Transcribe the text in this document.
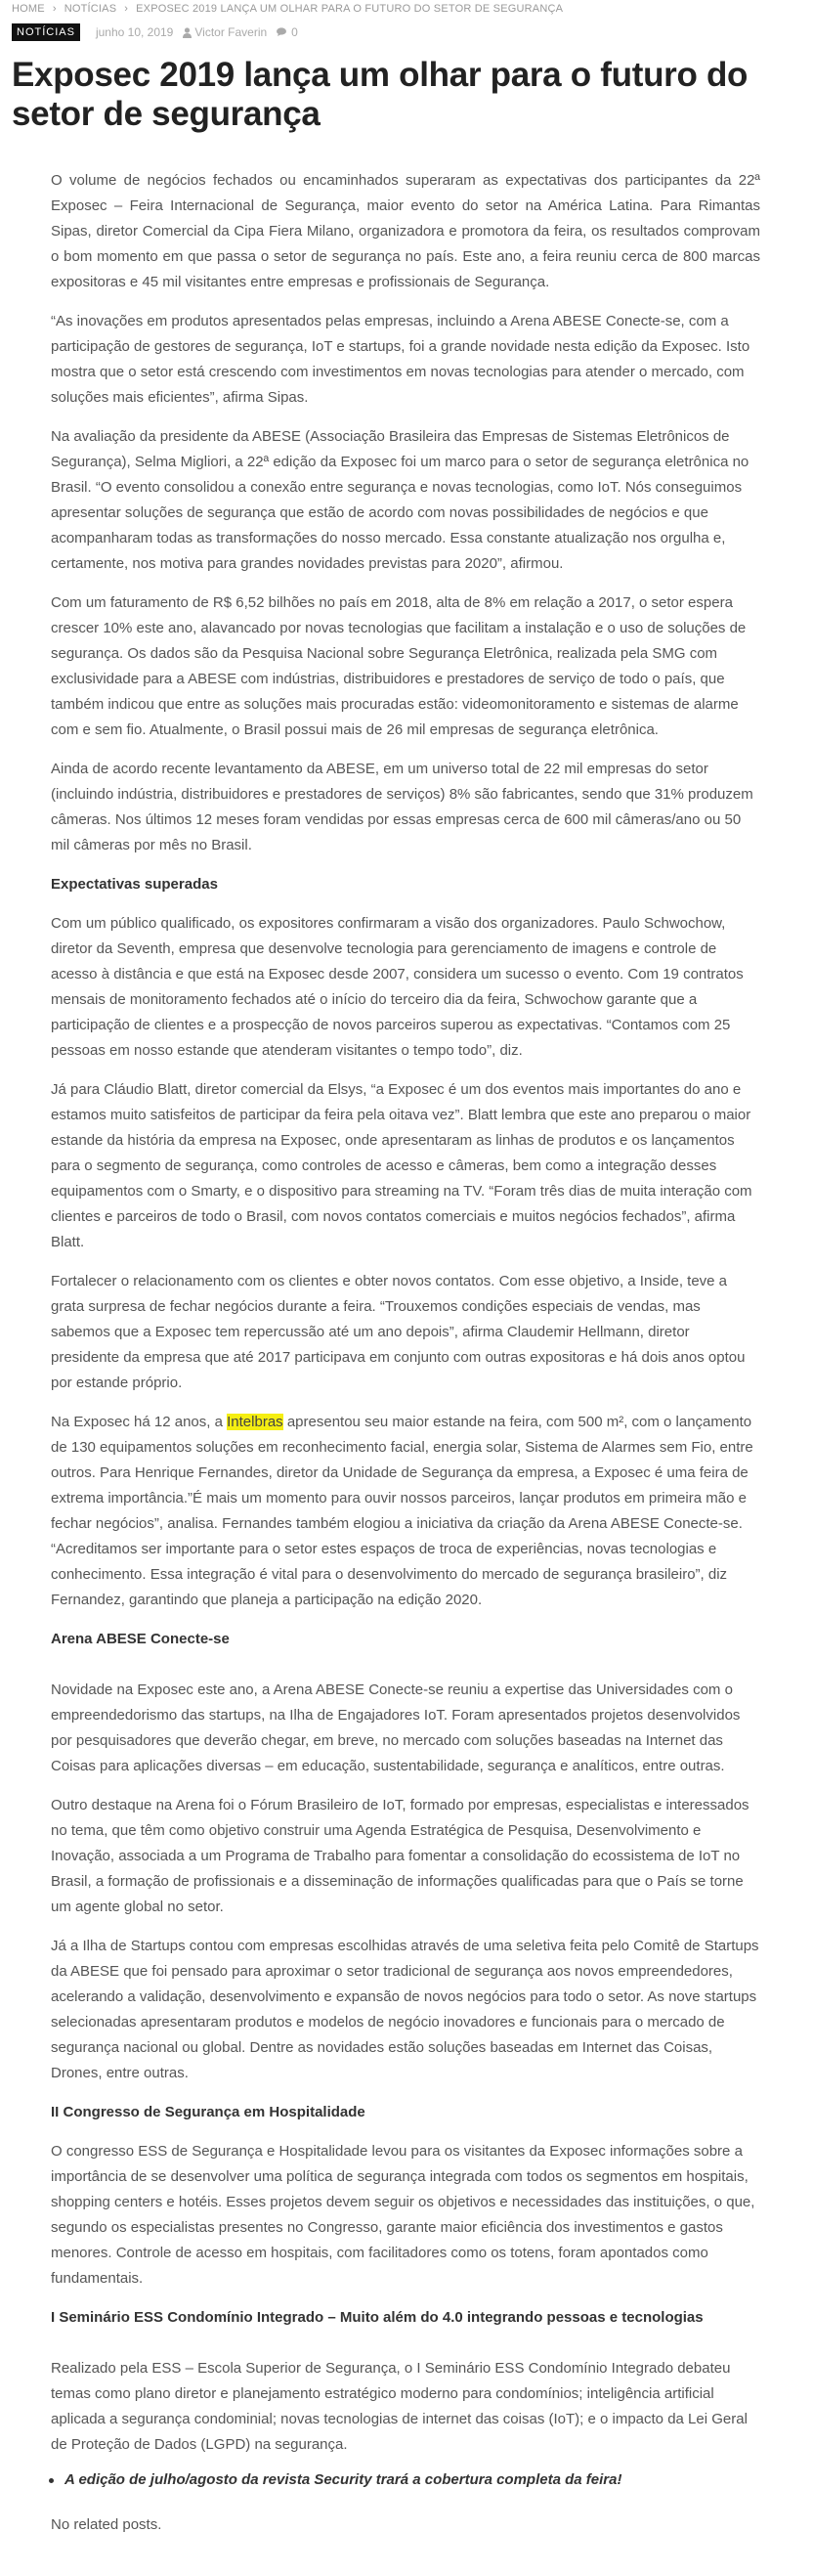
HOME › NOTÍCIAS › EXPOSEC 2019 LANÇA UM OLHAR PARA O FUTURO DO SETOR DE SEGURANÇA
NOTÍCIAS	junho 10, 2019 Victor Faverin 0
Exposec 2019 lança um olhar para o futuro do setor de segurança

O volume de negócios fechados ou encaminhados superaram as expectativas dos participantes da 22ª Exposec – Feira Internacional de Segurança, maior evento do setor na América Latina. Para Rimantas Sipas, diretor Comercial da Cipa Fiera Milano, organizadora e promotora da feira, os resultados comprovam o bom momento em que passa o setor de segurança no país. Este ano, a feira reuniu cerca de 800 marcas expositoras e 45 mil visitantes entre empresas e profissionais de Segurança.

“As inovações em produtos apresentados pelas empresas, incluindo a Arena ABESE Conecte-se, com a participação de gestores de segurança, IoT e startups, foi a grande novidade nesta edição da Exposec. Isto mostra que o setor está crescendo com investimentos em novas tecnologias para atender o mercado, com soluções mais eficientes”, afirma Sipas.

Na avaliação da presidente da ABESE (Associação Brasileira das Empresas de Sistemas Eletrônicos de Segurança), Selma Migliori, a 22ª edição da Exposec foi um marco para o setor de segurança eletrônica no Brasil. “O evento consolidou a conexão entre segurança e novas tecnologias, como IoT. Nós conseguimos apresentar soluções de segurança que estão de acordo com novas possibilidades de negócios e que acompanharam todas as transformações do nosso mercado. Essa constante atualização nos orgulha e, certamente, nos motiva para grandes novidades previstas para 2020”, afirmou.

Com um faturamento de R$ 6,52 bilhões no país em 2018, alta de 8% em relação a 2017, o setor espera crescer 10% este ano, alavancado por novas tecnologias que facilitam a instalação e o uso de soluções de segurança. Os dados são da Pesquisa Nacional sobre Segurança Eletrônica, realizada pela SMG com exclusividade para a ABESE com indústrias, distribuidores e prestadores de serviço de todo o país, que também indicou que entre as soluções mais procuradas estão: videomonitoramento e sistemas de alarme com e sem fio. Atualmente, o Brasil possui mais de 26 mil empresas de segurança eletrônica.

Ainda de acordo recente levantamento da ABESE, em um universo total de 22 mil empresas do setor (incluindo indústria, distribuidores e prestadores de serviços) 8% são fabricantes, sendo que 31% produzem câmeras. Nos últimos 12 meses foram vendidas por essas empresas cerca de 600 mil câmeras/ano ou 50 mil câmeras por mês no Brasil.

Expectativas superadas

Com um público qualificado, os expositores confirmaram a visão dos organizadores. Paulo Schwochow, diretor da Seventh, empresa que desenvolve tecnologia para gerenciamento de imagens e controle de acesso à distância e que está na Exposec desde 2007, considera um sucesso o evento. Com 19 contratos mensais de monitoramento fechados até o início do terceiro dia da feira, Schwochow garante que a participação de clientes e a prospecção de novos parceiros superou as expectativas. “Contamos com 25 pessoas em nosso estande que atenderam visitantes o tempo todo”, diz.

Já para Cláudio Blatt, diretor comercial da Elsys, “a Exposec é um dos eventos mais importantes do ano e estamos muito satisfeitos de participar da feira pela oitava vez”. Blatt lembra que este ano preparou o maior estande da história da empresa na Exposec, onde apresentaram as linhas de produtos e os lançamentos para o segmento de segurança, como controles de acesso e câmeras, bem como a integração desses equipamentos com o Smarty, e o dispositivo para streaming na TV. “Foram três dias de muita interação com clientes e parceiros de todo o Brasil, com novos contatos comerciais e muitos negócios fechados”, afirma Blatt.

Fortalecer o relacionamento com os clientes e obter novos contatos. Com esse objetivo, a Inside, teve a grata surpresa de fechar negócios durante a feira. “Trouxemos condições especiais de vendas, mas sabemos que a Exposec tem repercussão até um ano depois”, afirma Claudemir Hellmann, diretor presidente da empresa que até 2017 participava em conjunto com outras expositoras e há dois anos optou por estande próprio.

Na Exposec há 12 anos, a Intelbras apresentou seu maior estande na feira, com 500 m², com o lançamento de 130 equipamentos soluções em reconhecimento facial, energia solar, Sistema de Alarmes sem Fio, entre outros. Para Henrique Fernandes, diretor da Unidade de Segurança da empresa, a Exposec é uma feira de extrema importância.”É mais um momento para ouvir nossos parceiros, lançar produtos em primeira mão e fechar negócios”, analisa. Fernandes também elogiou a iniciativa da criação da Arena ABESE Conecte-se. “Acreditamos ser importante para o setor estes espaços de troca de experiências, novas tecnologias e conhecimento. Essa integração é vital para o desenvolvimento do mercado de segurança brasileiro”, diz Fernandez, garantindo que planeja a participação na edição 2020.

Arena ABESE Conecte-se

Novidade na Exposec este ano, a Arena ABESE Conecte-se reuniu a expertise das Universidades com o empreendedorismo das startups, na Ilha de Engajadores IoT. Foram apresentados projetos desenvolvidos por pesquisadores que deverão chegar, em breve, no mercado com soluções baseadas na Internet das Coisas para aplicações diversas – em educação, sustentabilidade, segurança e analíticos, entre outras.

Outro destaque na Arena foi o Fórum Brasileiro de IoT, formado por empresas, especialistas e interessados no tema, que têm como objetivo construir uma Agenda Estratégica de Pesquisa, Desenvolvimento e Inovação, associada a um Programa de Trabalho para fomentar a consolidação do ecossistema de IoT no Brasil, a formação de profissionais e a disseminação de informações qualificadas para que o País se torne um agente global no setor.

Já a Ilha de Startups contou com empresas escolhidas através de uma seletiva feita pelo Comitê de Startups da ABESE que foi pensado para aproximar o setor tradicional de segurança aos novos empreendedores, acelerando a validação, desenvolvimento e expansão de novos negócios para todo o setor. As nove startups selecionadas apresentaram produtos e modelos de negócio inovadores e funcionais para o mercado de segurança nacional ou global. Dentre as novidades estão soluções baseadas em Internet das Coisas, Drones, entre outras.

II Congresso de Segurança em Hospitalidade

O congresso ESS de Segurança e Hospitalidade levou para os visitantes da Exposec informações sobre a importância de se desenvolver uma política de segurança integrada com todos os segmentos em hospitais, shopping centers e hotéis. Esses projetos devem seguir os objetivos e necessidades das instituições, o que, segundo os especialistas presentes no Congresso, garante maior eficiência dos investimentos e gastos menores. Controle de acesso em hospitais, com facilitadores como os totens, foram apontados como fundamentais.

I Seminário ESS Condomínio Integrado – Muito além do 4.0 integrando pessoas e tecnologias

Realizado pela ESS – Escola Superior de Segurança, o I Seminário ESS Condomínio Integrado debateu temas como plano diretor e planejamento estratégico moderno para condomínios; inteligência artificial aplicada a segurança condominial; novas tecnologias de internet das coisas (IoT); e o impacto da Lei Geral de Proteção de Dados (LGPD) na segurança.

A edição de julho/agosto da revista Security trará a cobertura completa da feira!

No related posts.
